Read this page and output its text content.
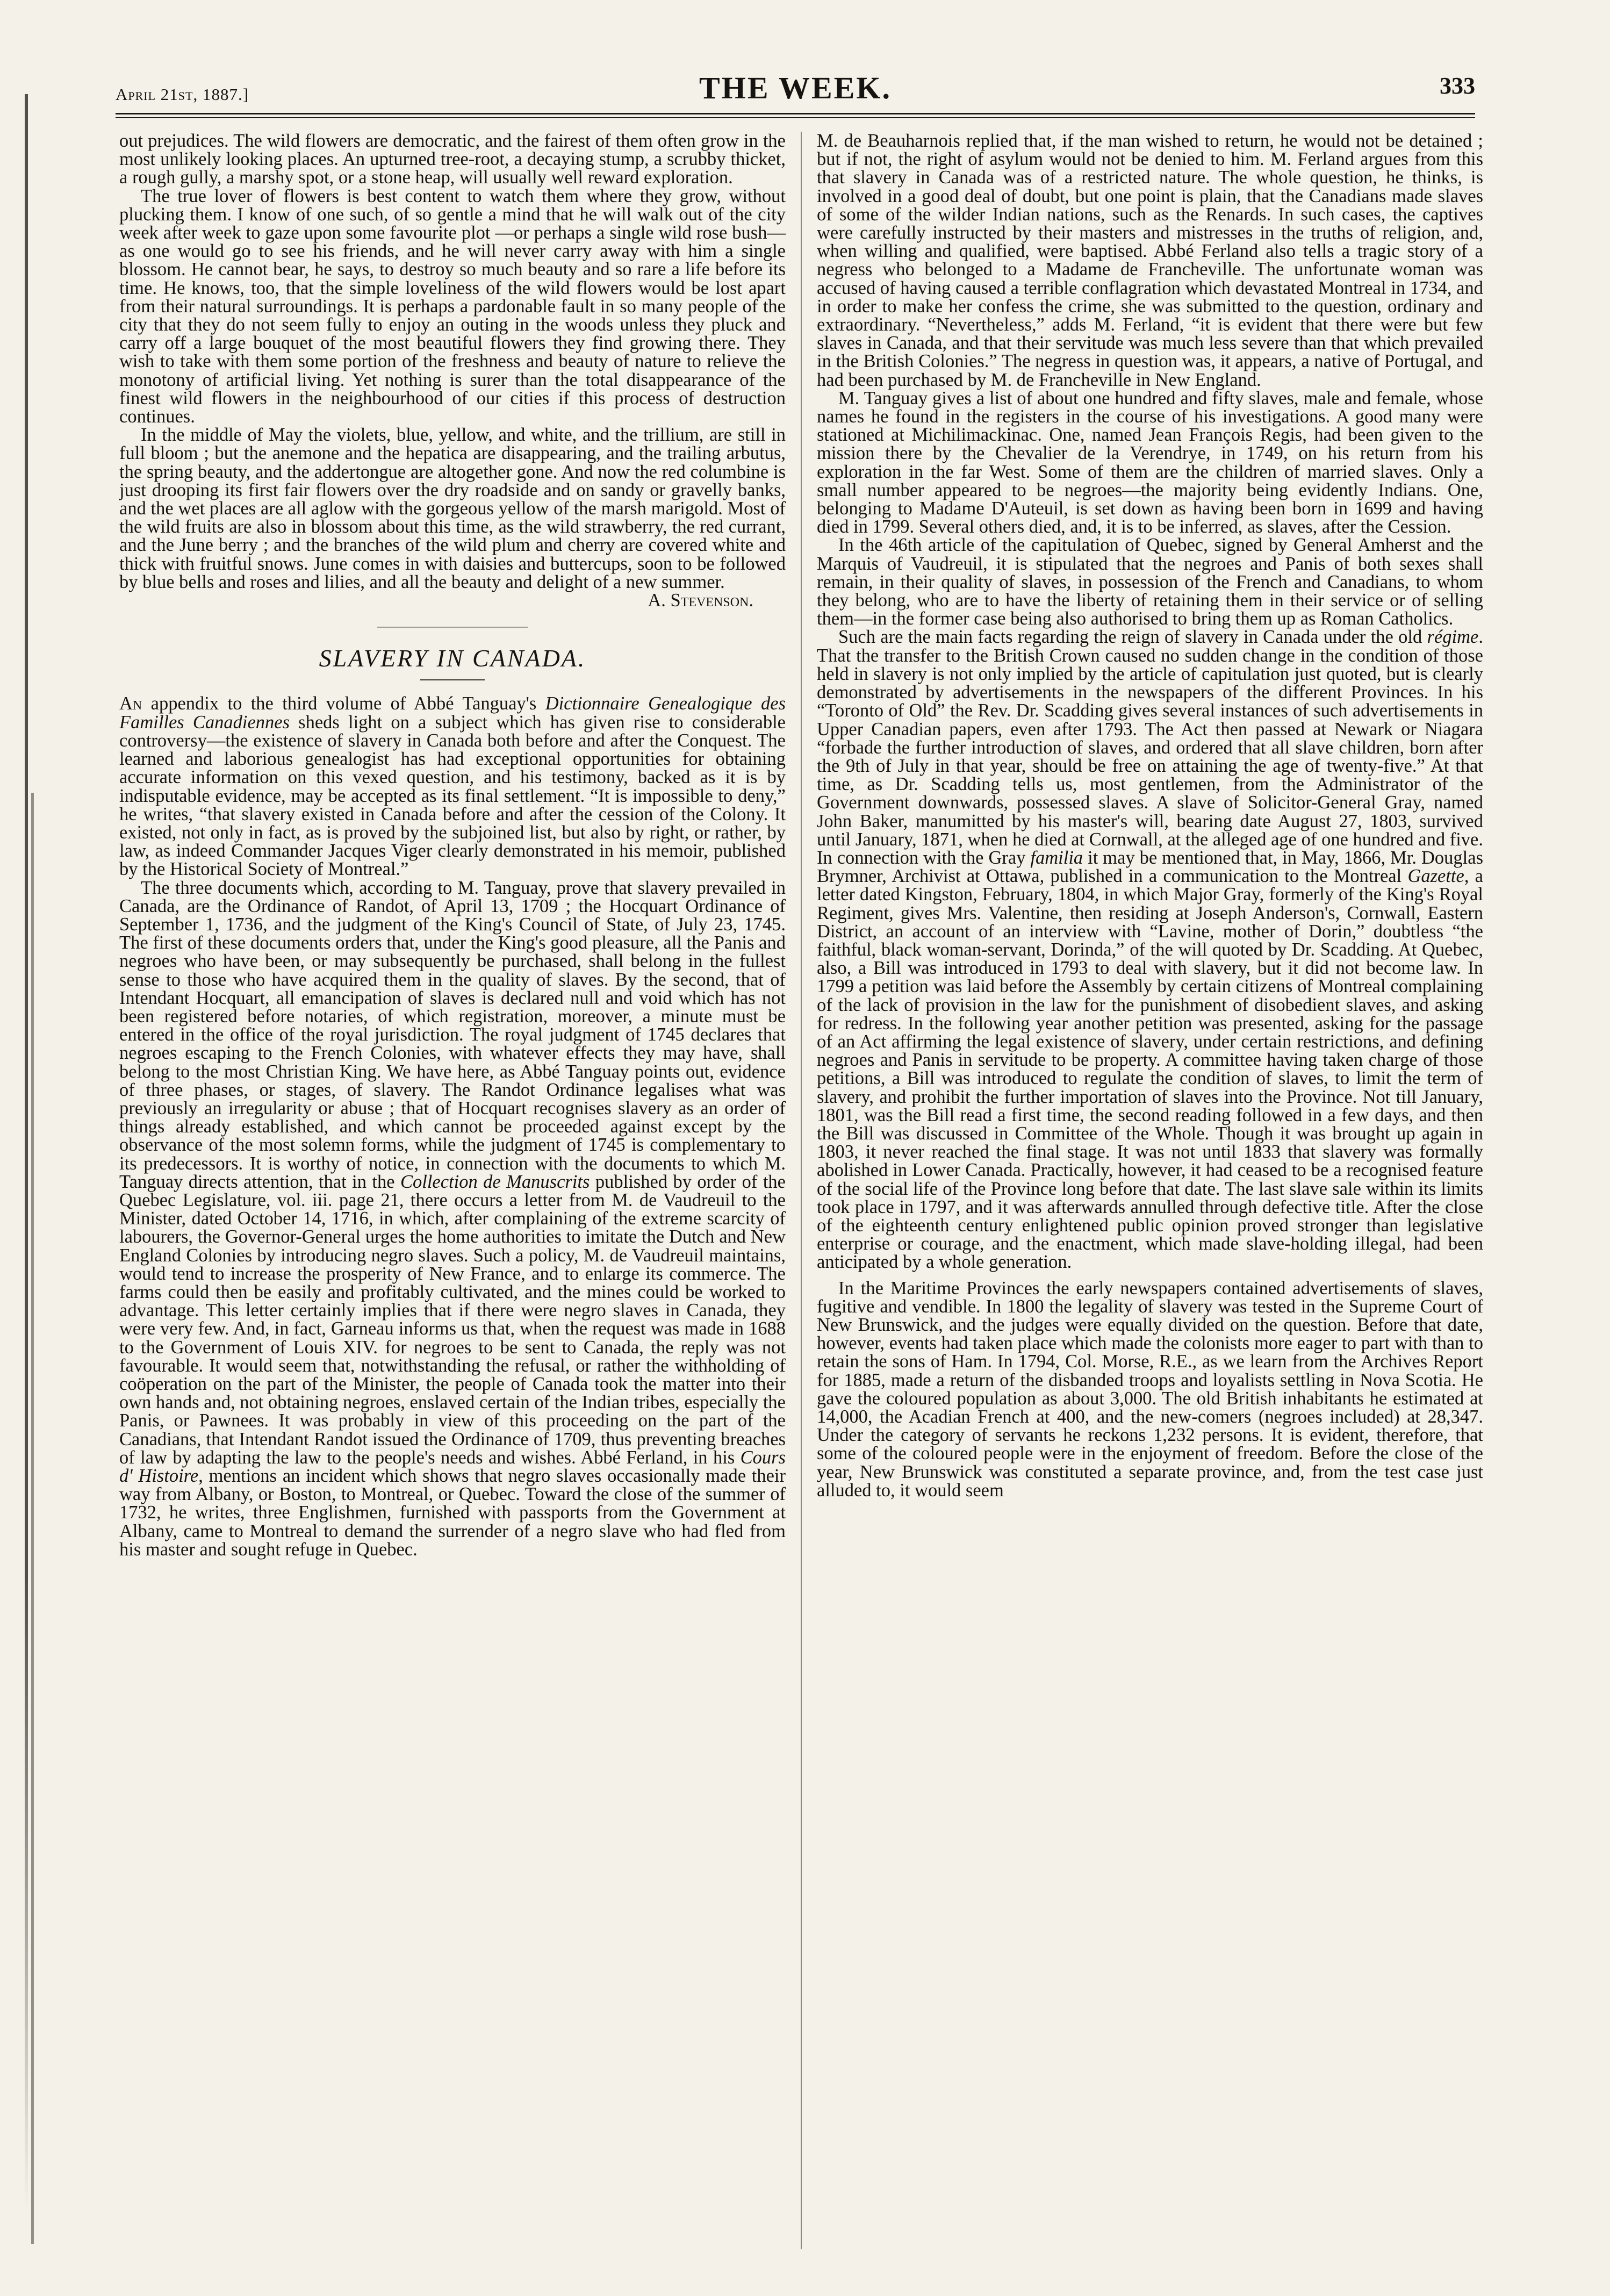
April 21st, 1887.]	THE WEEK.	333

out prejudices. The wild flowers are democratic, and the fairest of them often grow in the most unlikely looking places. An upturned tree-root, a decaying stump, a scrubby thicket, a rough gully, a marshy spot, or a stone heap, will usually well reward exploration.

The true lover of flowers is best content to watch them where they grow, without plucking them. I know of one such, of so gentle a mind that he will walk out of the city week after week to gaze upon some favourite plot —or perhaps a single wild rose bush—as one would go to see his friends, and he will never carry away with him a single blossom. He cannot bear, he says, to destroy so much beauty and so rare a life before its time. He knows, too, that the simple loveliness of the wild flowers would be lost apart from their natural surroundings. It is perhaps a pardonable fault in so many people of the city that they do not seem fully to enjoy an outing in the woods unless they pluck and carry off a large bouquet of the most beautiful flowers they find growing there. They wish to take with them some portion of the freshness and beauty of nature to relieve the monotony of artificial living. Yet nothing is surer than the total disappearance of the finest wild flowers in the neighbourhood of our cities if this process of destruction continues.

In the middle of May the violets, blue, yellow, and white, and the trillium, are still in full bloom ; but the anemone and the hepatica are disappearing, and the trailing arbutus, the spring beauty, and the addertongue are altogether gone. And now the red columbine is just drooping its first fair flowers over the dry roadside and on sandy or gravelly banks, and the wet places are all aglow with the gorgeous yellow of the marsh marigold. Most of the wild fruits are also in blossom about this time, as the wild strawberry, the red currant, and the June berry ; and the branches of the wild plum and cherry are covered white and thick with fruitful snows. June comes in with daisies and buttercups, soon to be followed by blue bells and roses and lilies, and all the beauty and delight of a new summer.

A. Stevenson.

SLAVERY IN CANADA.

An appendix to the third volume of Abbé Tanguay's Dictionnaire Genealogique des Familles Canadiennes sheds light on a subject which has given rise to considerable controversy—the existence of slavery in Canada both before and after the Conquest. The learned and laborious genealogist has had exceptional opportunities for obtaining accurate information on this vexed question, and his testimony, backed as it is by indisputable evidence, may be accepted as its final settlement. “It is impossible to deny,” he writes, “that slavery existed in Canada before and after the cession of the Colony. It existed, not only in fact, as is proved by the subjoined list, but also by right, or rather, by law, as indeed Commander Jacques Viger clearly demonstrated in his memoir, published by the Historical Society of Montreal.”

The three documents which, according to M. Tanguay, prove that slavery prevailed in Canada, are the Ordinance of Randot, of April 13, 1709 ; the Hocquart Ordinance of September 1, 1736, and the judgment of the King's Council of State, of July 23, 1745. The first of these documents orders that, under the King's good pleasure, all the Panis and negroes who have been, or may subsequently be purchased, shall belong in the fullest sense to those who have acquired them in the quality of slaves. By the second, that of Intendant Hocquart, all emancipation of slaves is declared null and void which has not been registered before notaries, of which registration, moreover, a minute must be entered in the office of the royal jurisdiction. The royal judgment of 1745 declares that negroes escaping to the French Colonies, with whatever effects they may have, shall belong to the most Christian King. We have here, as Abbé Tanguay points out, evidence of three phases, or stages, of slavery. The Randot Ordinance legalises what was previously an irregularity or abuse ; that of Hocquart recognises slavery as an order of things already established, and which cannot be proceeded against except by the observance of the most solemn forms, while the judgment of 1745 is complementary to its predecessors. It is worthy of notice, in connection with the documents to which M. Tanguay directs attention, that in the Collection de Manuscrits published by order of the Quebec Legislature, vol. iii. page 21, there occurs a letter from M. de Vaudreuil to the Minister, dated October 14, 1716, in which, after complaining of the extreme scarcity of labourers, the Governor-General urges the home authorities to imitate the Dutch and New England Colonies by introducing negro slaves. Such a policy, M. de Vaudreuil maintains, would tend to increase the prosperity of New France, and to enlarge its commerce. The farms could then be easily and profitably cultivated, and the mines could be worked to advantage. This letter certainly implies that if there were negro slaves in Canada, they were very few. And, in fact, Garneau informs us that, when the request was made in 1688 to the Government of Louis XIV. for negroes to be sent to Canada, the reply was not favourable. It would seem that, notwithstanding the refusal, or rather the withholding of coöperation on the part of the Minister, the people of Canada took the matter into their own hands and, not obtaining negroes, enslaved certain of the Indian tribes, especially the Panis, or Pawnees. It was probably in view of this proceeding on the part of the Canadians, that Intendant Randot issued the Ordinance of 1709, thus preventing breaches of law by adapting the law to the people's needs and wishes. Abbé Ferland, in his Cours d' Histoire, mentions an incident which shows that negro slaves occasionally made their way from Albany, or Boston, to Montreal, or Quebec. Toward the close of the summer of 1732, he writes, three Englishmen, furnished with passports from the Government at Albany, came to Montreal to demand the surrender of a negro slave who had fled from his master and sought refuge in Quebec.

M. de Beauharnois replied that, if the man wished to return, he would not be detained ; but if not, the right of asylum would not be denied to him. M. Ferland argues from this that slavery in Canada was of a restricted nature. The whole question, he thinks, is involved in a good deal of doubt, but one point is plain, that the Canadians made slaves of some of the wilder Indian nations, such as the Renards. In such cases, the captives were carefully instructed by their masters and mistresses in the truths of religion, and, when willing and qualified, were baptised. Abbé Ferland also tells a tragic story of a negress who belonged to a Madame de Francheville. The unfortunate woman was accused of having caused a terrible conflagration which devastated Montreal in 1734, and in order to make her confess the crime, she was submitted to the question, ordinary and extraordinary. “Nevertheless,” adds M. Ferland, “it is evident that there were but few slaves in Canada, and that their servitude was much less severe than that which prevailed in the British Colonies.” The negress in question was, it appears, a native of Portugal, and had been purchased by M. de Francheville in New England.

M. Tanguay gives a list of about one hundred and fifty slaves, male and female, whose names he found in the registers in the course of his investigations. A good many were stationed at Michilimackinac. One, named Jean François Regis, had been given to the mission there by the Chevalier de la Verendrye, in 1749, on his return from his exploration in the far West. Some of them are the children of married slaves. Only a small number appeared to be negroes—the majority being evidently Indians. One, belonging to Madame D'Auteuil, is set down as having been born in 1699 and having died in 1799. Several others died, and, it is to be inferred, as slaves, after the Cession.

In the 46th article of the capitulation of Quebec, signed by General Amherst and the Marquis of Vaudreuil, it is stipulated that the negroes and Panis of both sexes shall remain, in their quality of slaves, in possession of the French and Canadians, to whom they belong, who are to have the liberty of retaining them in their service or of selling them—in the former case being also authorised to bring them up as Roman Catholics.

Such are the main facts regarding the reign of slavery in Canada under the old régime. That the transfer to the British Crown caused no sudden change in the condition of those held in slavery is not only implied by the article of capitulation just quoted, but is clearly demonstrated by advertisements in the newspapers of the different Provinces. In his “Toronto of Old” the Rev. Dr. Scadding gives several instances of such advertisements in Upper Canadian papers, even after 1793. The Act then passed at Newark or Niagara “forbade the further introduction of slaves, and ordered that all slave children, born after the 9th of July in that year, should be free on attaining the age of twenty-five.” At that time, as Dr. Scadding tells us, most gentlemen, from the Administrator of the Government downwards, possessed slaves. A slave of Solicitor-General Gray, named John Baker, manumitted by his master's will, bearing date August 27, 1803, survived until January, 1871, when he died at Cornwall, at the alleged age of one hundred and five. In connection with the Gray familia it may be mentioned that, in May, 1866, Mr. Douglas Brymner, Archivist at Ottawa, published in a communication to the Montreal Gazette, a letter dated Kingston, February, 1804, in which Major Gray, formerly of the King's Royal Regiment, gives Mrs. Valentine, then residing at Joseph Anderson's, Cornwall, Eastern District, an account of an interview with “Lavine, mother of Dorin,” doubtless “the faithful, black woman-servant, Dorinda,” of the will quoted by Dr. Scadding. At Quebec, also, a Bill was introduced in 1793 to deal with slavery, but it did not become law. In 1799 a petition was laid before the Assembly by certain citizens of Montreal complaining of the lack of provision in the law for the punishment of disobedient slaves, and asking for redress. In the following year another petition was presented, asking for the passage of an Act affirming the legal existence of slavery, under certain restrictions, and defining negroes and Panis in servitude to be property. A committee having taken charge of those petitions, a Bill was introduced to regulate the condition of slaves, to limit the term of slavery, and prohibit the further importation of slaves into the Province. Not till January, 1801, was the Bill read a first time, the second reading followed in a few days, and then the Bill was discussed in Committee of the Whole. Though it was brought up again in 1803, it never reached the final stage. It was not until 1833 that slavery was formally abolished in Lower Canada. Practically, however, it had ceased to be a recognised feature of the social life of the Province long before that date. The last slave sale within its limits took place in 1797, and it was afterwards annulled through defective title. After the close of the eighteenth century enlightened public opinion proved stronger than legislative enterprise or courage, and the enactment, which made slave-holding illegal, had been anticipated by a whole generation.

In the Maritime Provinces the early newspapers contained advertisements of slaves, fugitive and vendible. In 1800 the legality of slavery was tested in the Supreme Court of New Brunswick, and the judges were equally divided on the question. Before that date, however, events had taken place which made the colonists more eager to part with than to retain the sons of Ham. In 1794, Col. Morse, R.E., as we learn from the Archives Report for 1885, made a return of the disbanded troops and loyalists settling in Nova Scotia. He gave the coloured population as about 3,000. The old British inhabitants he estimated at 14,000, the Acadian French at 400, and the new-comers (negroes included) at 28,347. Under the category of servants he reckons 1,232 persons. It is evident, therefore, that some of the coloured people were in the enjoyment of freedom. Before the close of the year, New Brunswick was constituted a separate province, and, from the test case just alluded to, it would seem
